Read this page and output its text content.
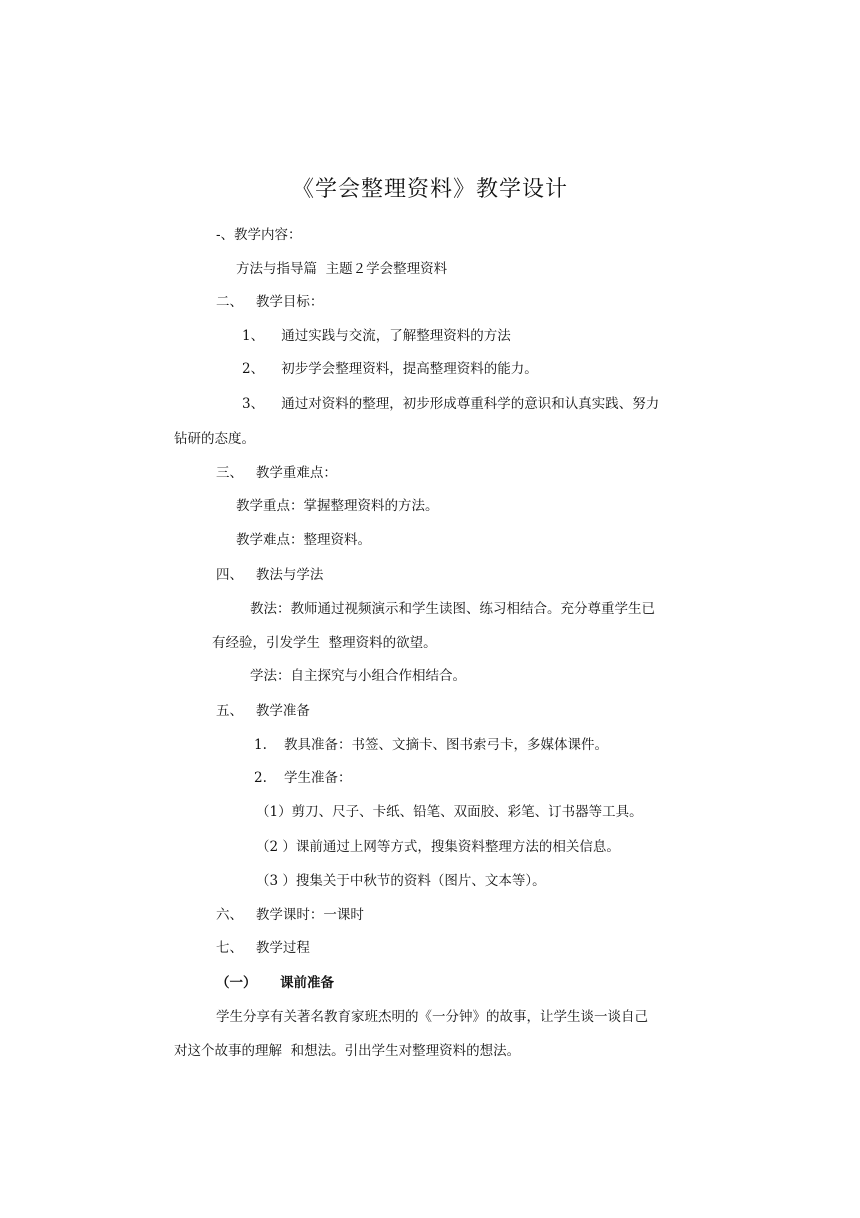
《学会整理资料》教学设计
-、教学内容：
方法与指导篇  主题２学会整理资料
二、   教学目标：
1、    通过实践与交流，了解整理资料的方法
2、    初步学会整理资料，提高整理资料的能力。
3、    通过对资料的整理，初步形成尊重科学的意识和认真实践、努力
钻研的态度。
三、   教学重难点：
教学重点：掌握整理资料的方法。
教学难点：整理资料。
四、   教法与学法
教法：教师通过视频演示和学生读图、练习相结合。充分尊重学生已
有经验，引发学生  整理资料的欲望。
学法：自主探究与小组合作相结合。
五、   教学准备
1.    教具准备：书签、文摘卡、图书索弓卡，多媒体课件。
2.    学生准备：
（1）剪刀、尺子、卡纸、铅笔、双面胶、彩笔、订书器等工具。
（2 ）课前通过上网等方式，搜集资料整理方法的相关信息。
（3 ）搜集关于中秋节的资料（图片、文本等）。
六、   教学课时：一课时
七、   教学过程
（一）     课前准备
学生分享有关著名教育家班杰明的《一分钟》的故事，让学生谈一谈自己
对这个故事的理解  和想法。引出学生对整理资料的想法。
